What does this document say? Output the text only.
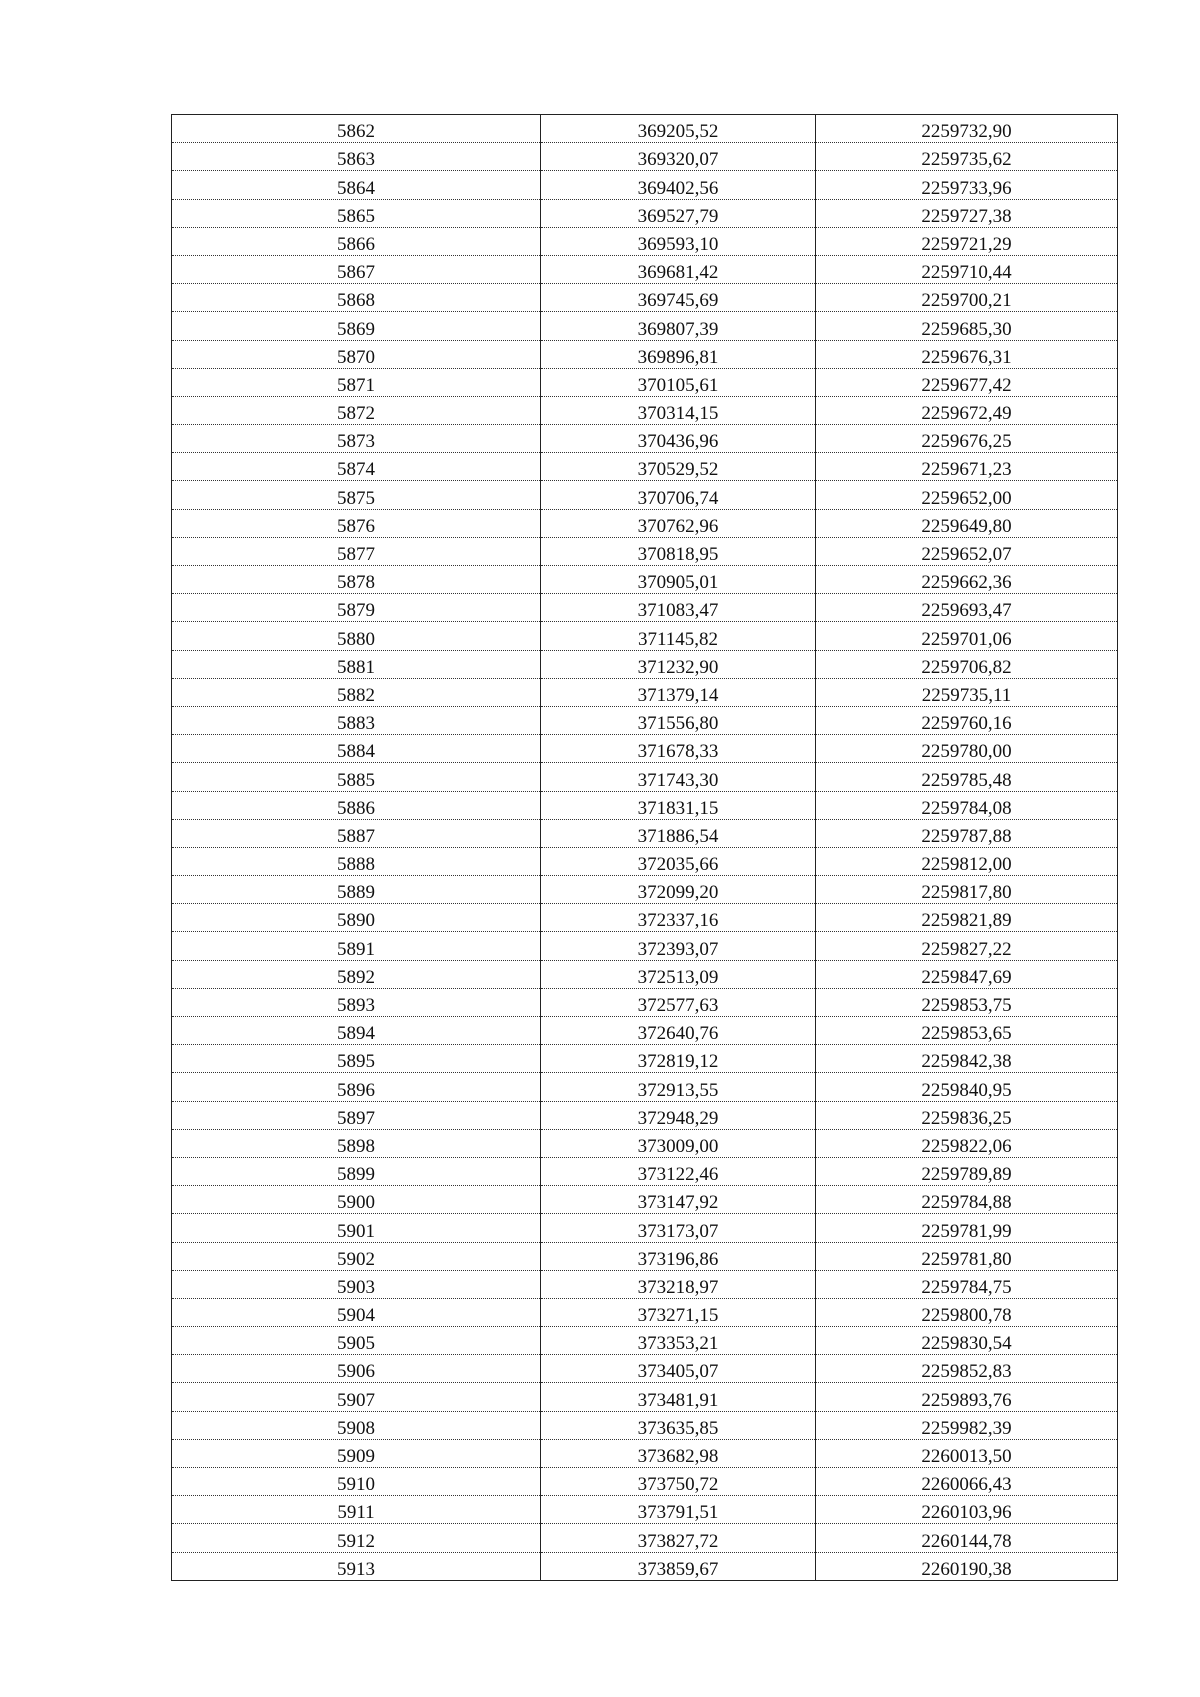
5862	369205,52	2259732,90
5863	369320,07	2259735,62
5864	369402,56	2259733,96
5865	369527,79	2259727,38
5866	369593,10	2259721,29
5867	369681,42	2259710,44
5868	369745,69	2259700,21
5869	369807,39	2259685,30
5870	369896,81	2259676,31
5871	370105,61	2259677,42
5872	370314,15	2259672,49
5873	370436,96	2259676,25
5874	370529,52	2259671,23
5875	370706,74	2259652,00
5876	370762,96	2259649,80
5877	370818,95	2259652,07
5878	370905,01	2259662,36
5879	371083,47	2259693,47
5880	371145,82	2259701,06
5881	371232,90	2259706,82
5882	371379,14	2259735,11
5883	371556,80	2259760,16
5884	371678,33	2259780,00
5885	371743,30	2259785,48
5886	371831,15	2259784,08
5887	371886,54	2259787,88
5888	372035,66	2259812,00
5889	372099,20	2259817,80
5890	372337,16	2259821,89
5891	372393,07	2259827,22
5892	372513,09	2259847,69
5893	372577,63	2259853,75
5894	372640,76	2259853,65
5895	372819,12	2259842,38
5896	372913,55	2259840,95
5897	372948,29	2259836,25
5898	373009,00	2259822,06
5899	373122,46	2259789,89
5900	373147,92	2259784,88
5901	373173,07	2259781,99
5902	373196,86	2259781,80
5903	373218,97	2259784,75
5904	373271,15	2259800,78
5905	373353,21	2259830,54
5906	373405,07	2259852,83
5907	373481,91	2259893,76
5908	373635,85	2259982,39
5909	373682,98	2260013,50
5910	373750,72	2260066,43
5911	373791,51	2260103,96
5912	373827,72	2260144,78
5913	373859,67	2260190,38
